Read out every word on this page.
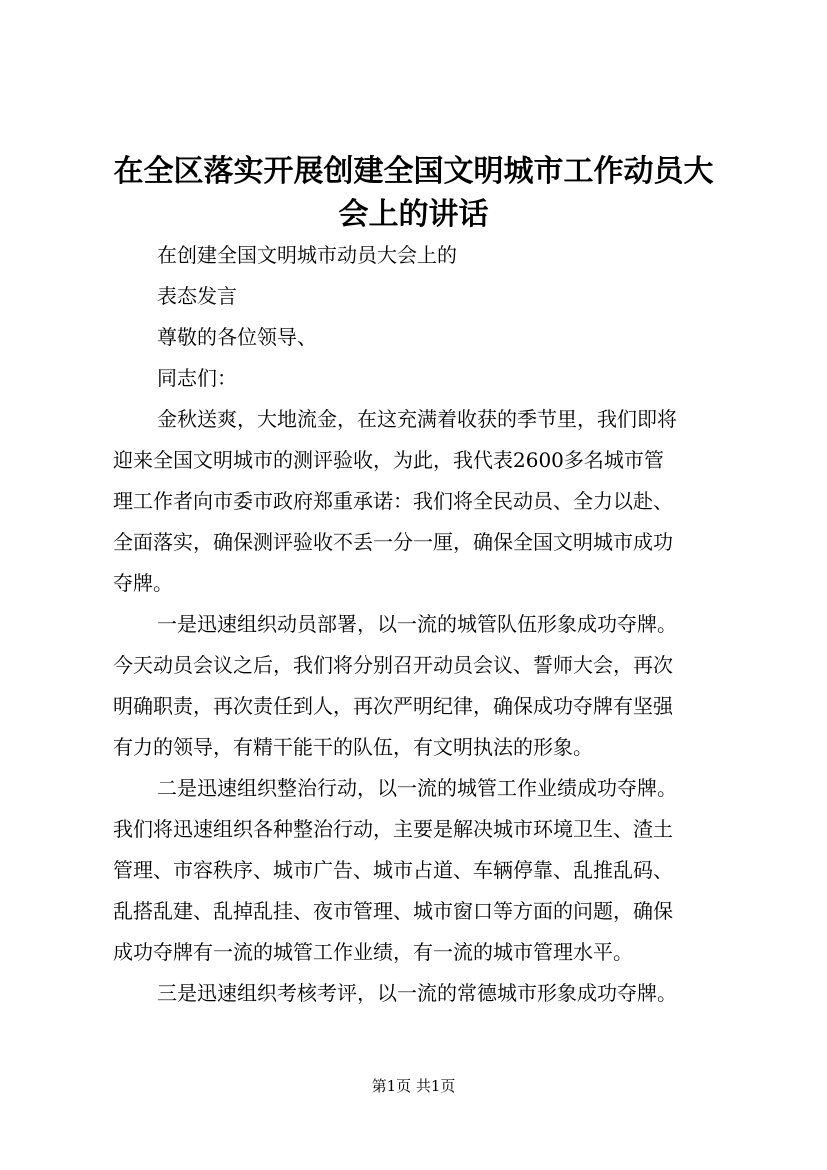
在全区落实开展创建全国文明城市工作动员大
会上的讲话
在创建全国文明城市动员大会上的
表态发言
尊敬的各位领导、
同志们：

金秋送爽，大地流金，在这充满着收获的季节里，我们即将
迎来全国文明城市的测评验收，为此，我代表2600多名城市管
理工作者向市委市政府郑重承诺：我们将全民动员、全力以赴、
全面落实，确保测评验收不丢一分一厘，确保全国文明城市成功
夺牌。

一是迅速组织动员部署，以一流的城管队伍形象成功夺牌。
今天动员会议之后，我们将分别召开动员会议、誓师大会，再次
明确职责，再次责任到人，再次严明纪律，确保成功夺牌有坚强
有力的领导，有精干能干的队伍，有文明执法的形象。

二是迅速组织整治行动，以一流的城管工作业绩成功夺牌。
我们将迅速组织各种整治行动，主要是解决城市环境卫生、渣土
管理、市容秩序、城市广告、城市占道、车辆停靠、乱推乱码、
乱搭乱建、乱掉乱挂、夜市管理、城市窗口等方面的问题，确保
成功夺牌有一流的城管工作业绩，有一流的城市管理水平。

三是迅速组织考核考评，以一流的常德城市形象成功夺牌。

第1页 共1页
